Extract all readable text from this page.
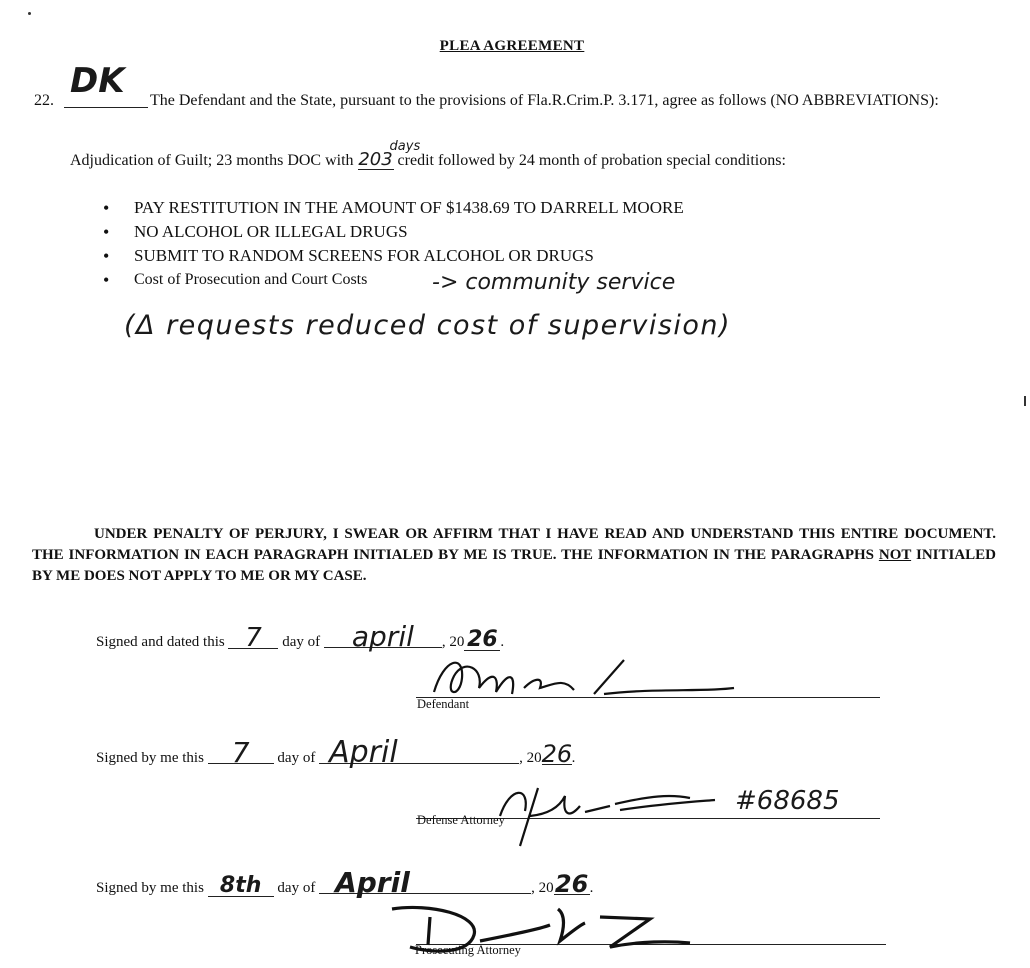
PLEA AGREEMENT
22. DK	The Defendant and the State, pursuant to the provisions of Fla.R.Crim.P. 3.171, agree as follows (NO ABBREVIATIONS):
Adjudication of Guilt; 23 months DOC with 203
days
credit followed by 24 month of probation special conditions:
• PAY RESTITUTION IN THE AMOUNT OF $1438.69 TO DARRELL MOORE
• NO ALCOHOL OR ILLEGAL DRUGS
• SUBMIT TO RANDOM SCREENS FOR ALCOHOL OR DRUGS
• Cost of Prosecution and Court Costs	-> community service
(Δ requests reduced cost of supervision)
UNDER PENALTY OF PERJURY, I SWEAR OR AFFIRM THAT I HAVE READ AND UNDERSTAND THIS ENTIRE DOCUMENT. THE INFORMATION IN EACH PARAGRAPH INITIALED BY ME IS TRUE. THE INFORMATION IN THE PARAGRAPHS NOT INITIALED BY ME DOES NOT APPLY TO ME OR MY CASE.
Signed and dated this 7 day of april , 20 26 .
Defendant
Signed by me this 7 day of April	, 2026.
#68685
Defense Attorney
Signed by me this 8th day of April	, 2026.
Prosecuting Attorney
